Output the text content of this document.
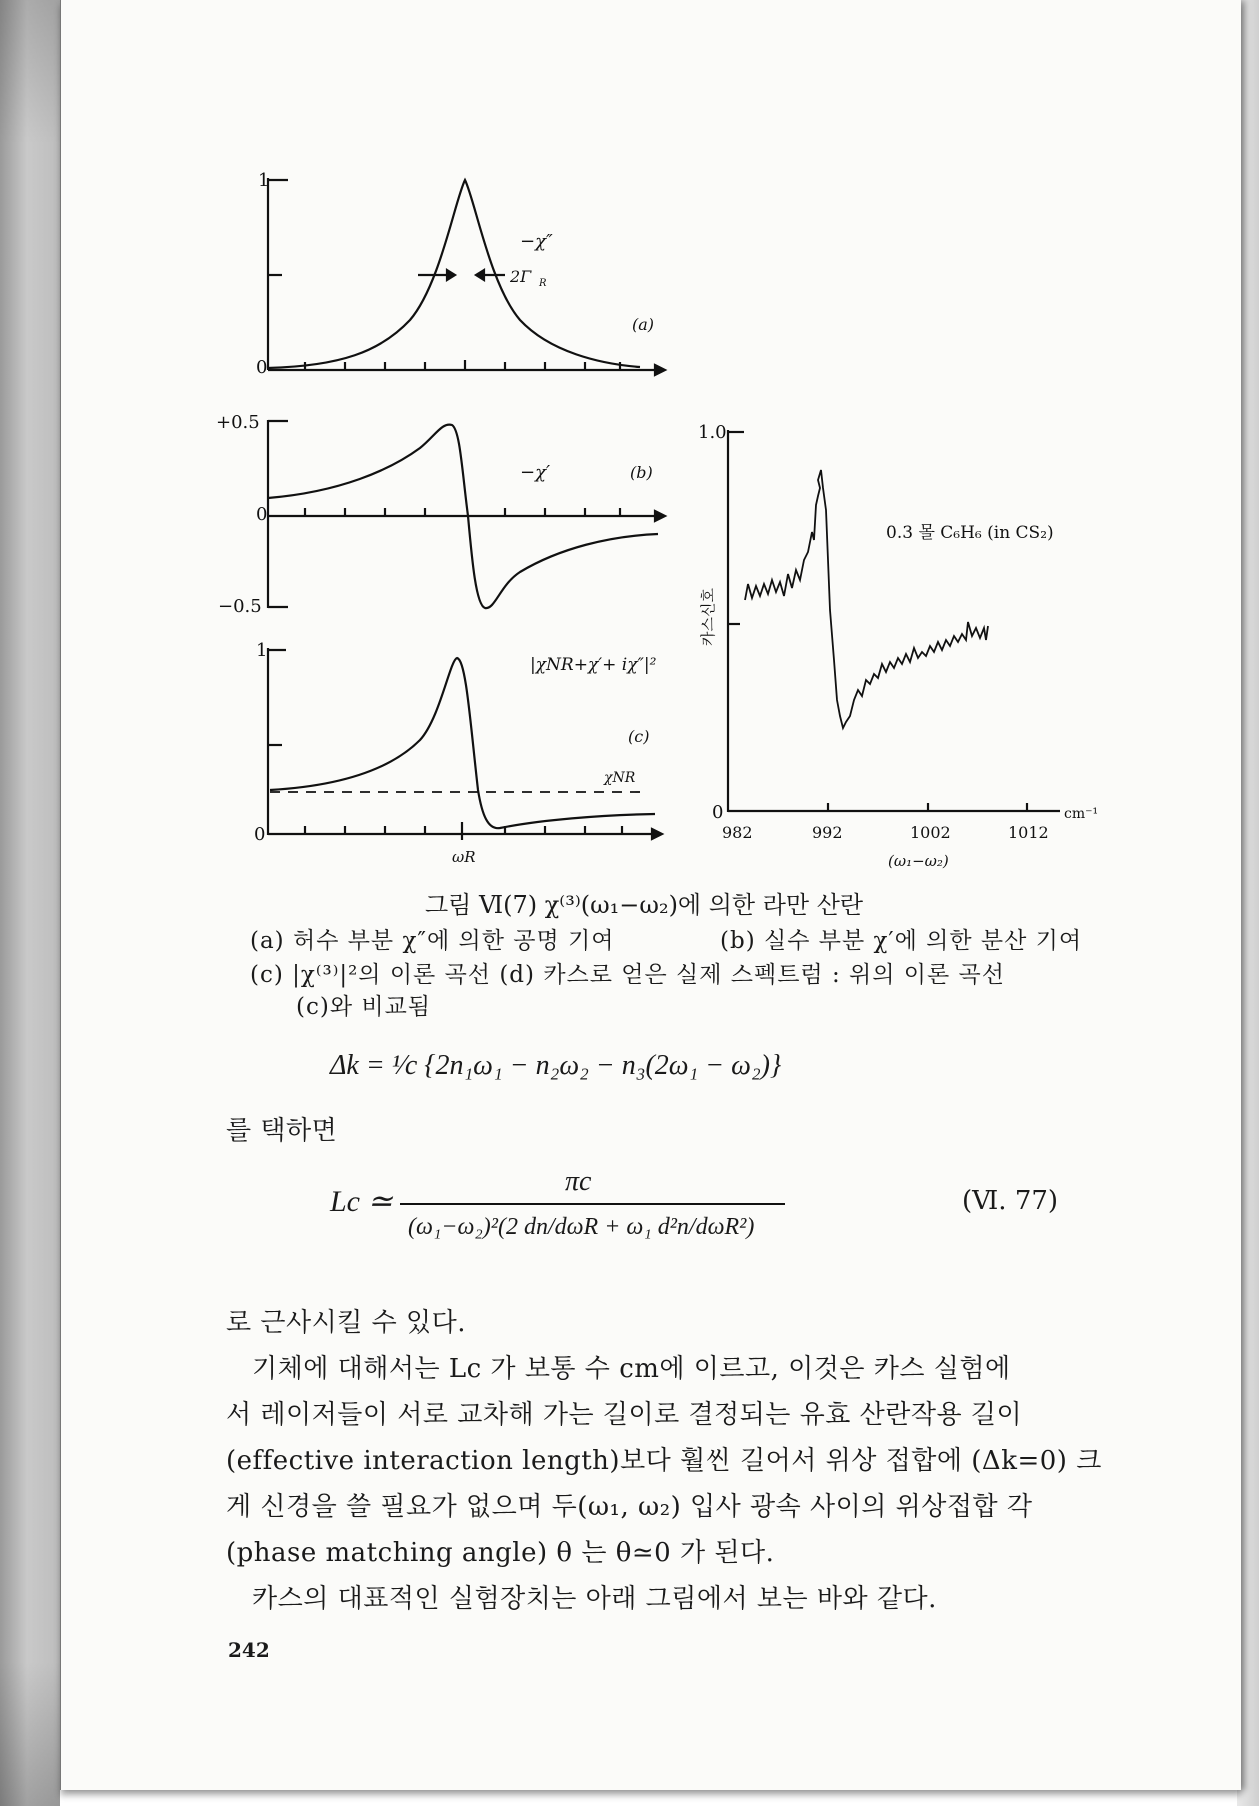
1
0
−χ″
2Γ R
(a)
+0.5
0
−0.5
−χ′	(b)
1
0
|χNR+χ′+ iχ″|²
(c)
χNR
ωR
1.0
0
0.3 몰 C₆H₆ (in CS₂)
cm⁻¹
982	992	1002	1012
(ω₁−ω₂)
카스신호
그림 Ⅵ(7) χ⁽³⁾(ω₁−ω₂)에 의한 라만 산란
(a) 허수 부분 χ″에 의한 공명 기여	(b) 실수 부분 χ′에 의한 분산 기여
(c) |χ⁽³⁾|²의 이론 곡선 (d) 카스로 얻은 실제 스펙트럼 : 위의 이론 곡선
(c)와 비교됨
Δk = ¹⁄c {2n₁ω₁ − n₂ω₂ − n₃(2ω₁ − ω₂)}
를 택하면
Lc ≃
πc
(ω₁−ω₂)²(2 dn/dωR + ω₁ d²n/dωR²)
(Ⅵ. 77)
로 근사시킬 수 있다.
기체에 대해서는 Lc 가 보통 수 cm에 이르고, 이것은 카스 실험에
서 레이저들이 서로 교차해 가는 길이로 결정되는 유효 산란작용 길이
(effective interaction length)보다 훨씬 길어서 위상 접합에 (Δk=0) 크
게 신경을 쓸 필요가 없으며 두(ω₁, ω₂) 입사 광속 사이의 위상접합 각
(phase matching angle) θ 는 θ≃0 가 된다.
카스의 대표적인 실험장치는 아래 그림에서 보는 바와 같다.
242
